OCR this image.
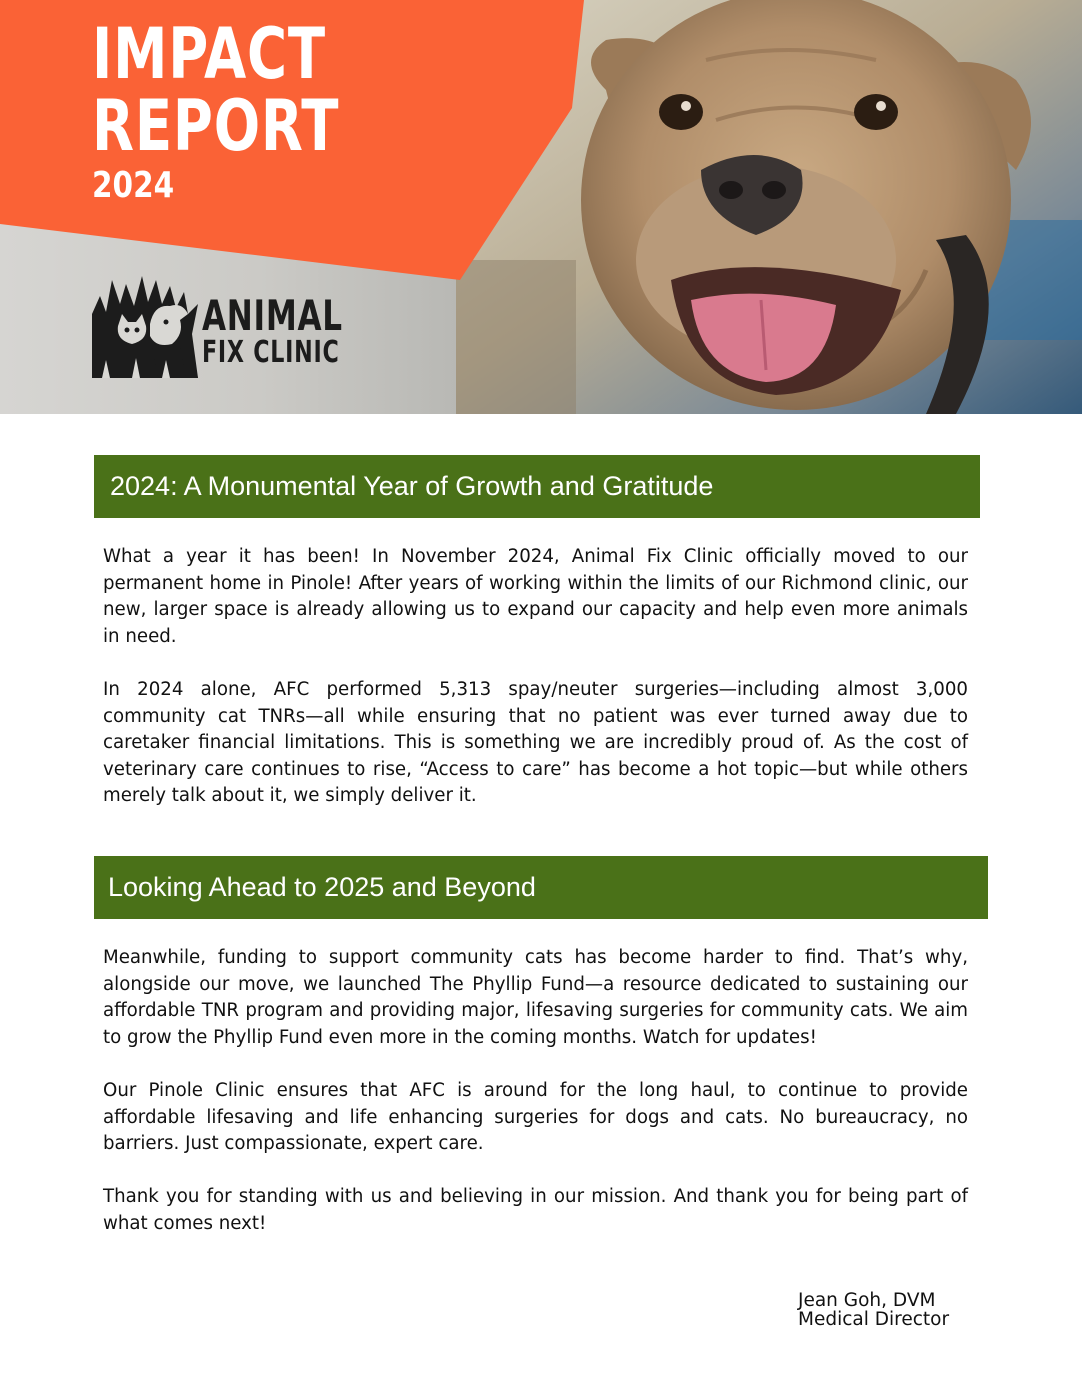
IMPACT
REPORT
2024
ANIMAL
FIX CLINIC
2024: A Monumental Year of Growth and Gratitude

What a year it has been! In November 2024, Animal Fix Clinic officially moved to our permanent home in Pinole! After years of working within the limits of our Richmond clinic, our new, larger space is already allowing us to expand our capacity and help even more animals in need.

In 2024 alone, AFC performed 5,313 spay/neuter surgeries—including almost 3,000 community cat TNRs—all while ensuring that no patient was ever turned away due to caretaker financial limitations. This is something we are incredibly proud of. As the cost of veterinary care continues to rise, “Access to care” has become a hot topic—but while others merely talk about it, we simply deliver it.

Looking Ahead to 2025 and Beyond

Meanwhile, funding to support community cats has become harder to find. That’s why, alongside our move, we launched The Phyllip Fund—a resource dedicated to sustaining our affordable TNR program and providing major, lifesaving surgeries for community cats. We aim to grow the Phyllip Fund even more in the coming months. Watch for updates!

Our Pinole Clinic ensures that AFC is around for the long haul, to continue to provide affordable lifesaving and life enhancing surgeries for dogs and cats. No bureaucracy, no barriers. Just compassionate, expert care.

Thank you for standing with us and believing in our mission. And thank you for being part of what comes next!

Jean Goh, DVM
Medical Director
